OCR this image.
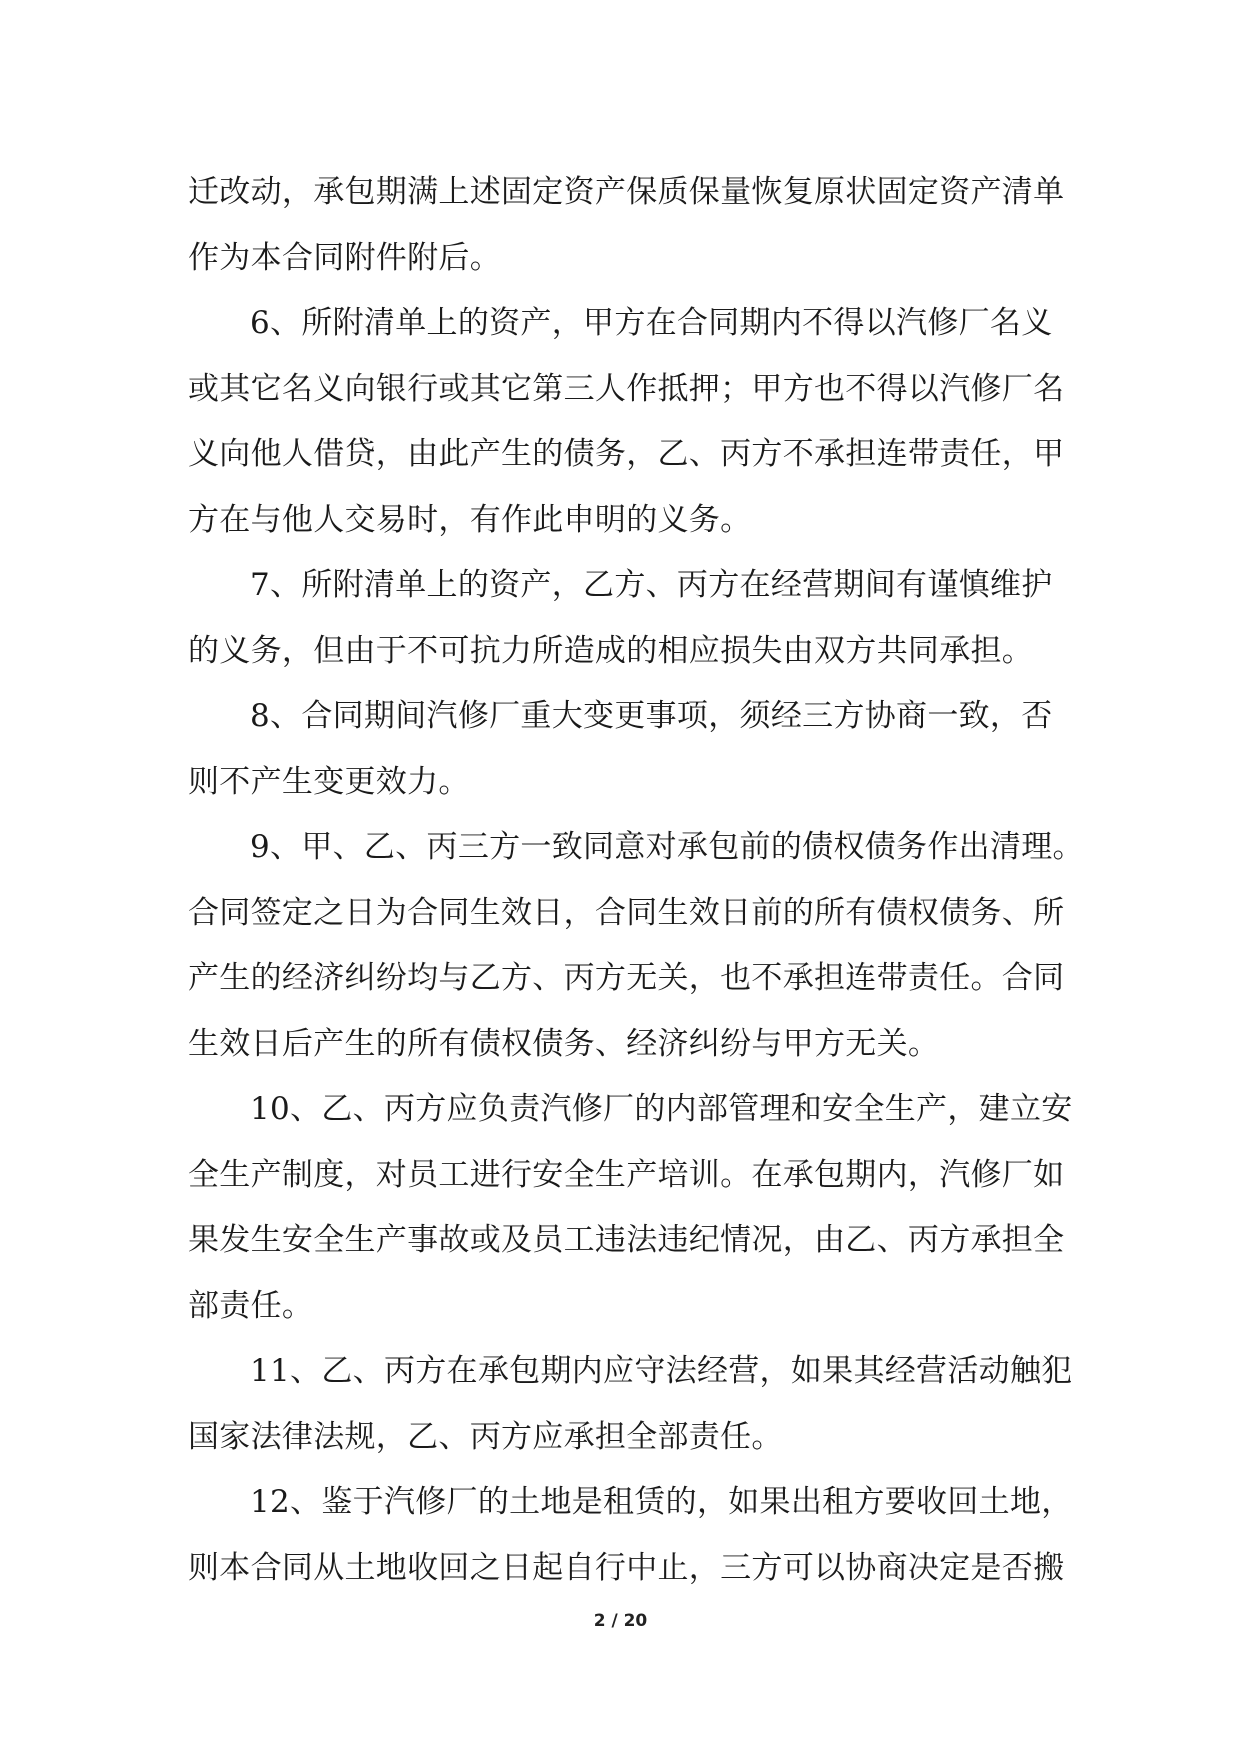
迁改动，承包期满上述固定资产保质保量恢复原状固定资产清单
作为本合同附件附后。
6、所附清单上的资产，甲方在合同期内不得以汽修厂名义
或其它名义向银行或其它第三人作抵押；甲方也不得以汽修厂名
义向他人借贷，由此产生的债务，乙、丙方不承担连带责任，甲
方在与他人交易时，有作此申明的义务。
7、所附清单上的资产，乙方、丙方在经营期间有谨慎维护
的义务，但由于不可抗力所造成的相应损失由双方共同承担。
8、合同期间汽修厂重大变更事项，须经三方协商一致，否
则不产生变更效力。
9、甲、乙、丙三方一致同意对承包前的债权债务作出清理。
合同签定之日为合同生效日，合同生效日前的所有债权债务、所
产生的经济纠纷均与乙方、丙方无关，也不承担连带责任。合同
生效日后产生的所有债权债务、经济纠纷与甲方无关。
10、乙、丙方应负责汽修厂的内部管理和安全生产，建立安
全生产制度，对员工进行安全生产培训。在承包期内，汽修厂如
果发生安全生产事故或及员工违法违纪情况，由乙、丙方承担全
部责任。
11、乙、丙方在承包期内应守法经营，如果其经营活动触犯
国家法律法规，乙、丙方应承担全部责任。
12、鉴于汽修厂的土地是租赁的，如果出租方要收回土地，
则本合同从土地收回之日起自行中止，三方可以协商决定是否搬
2 / 20
